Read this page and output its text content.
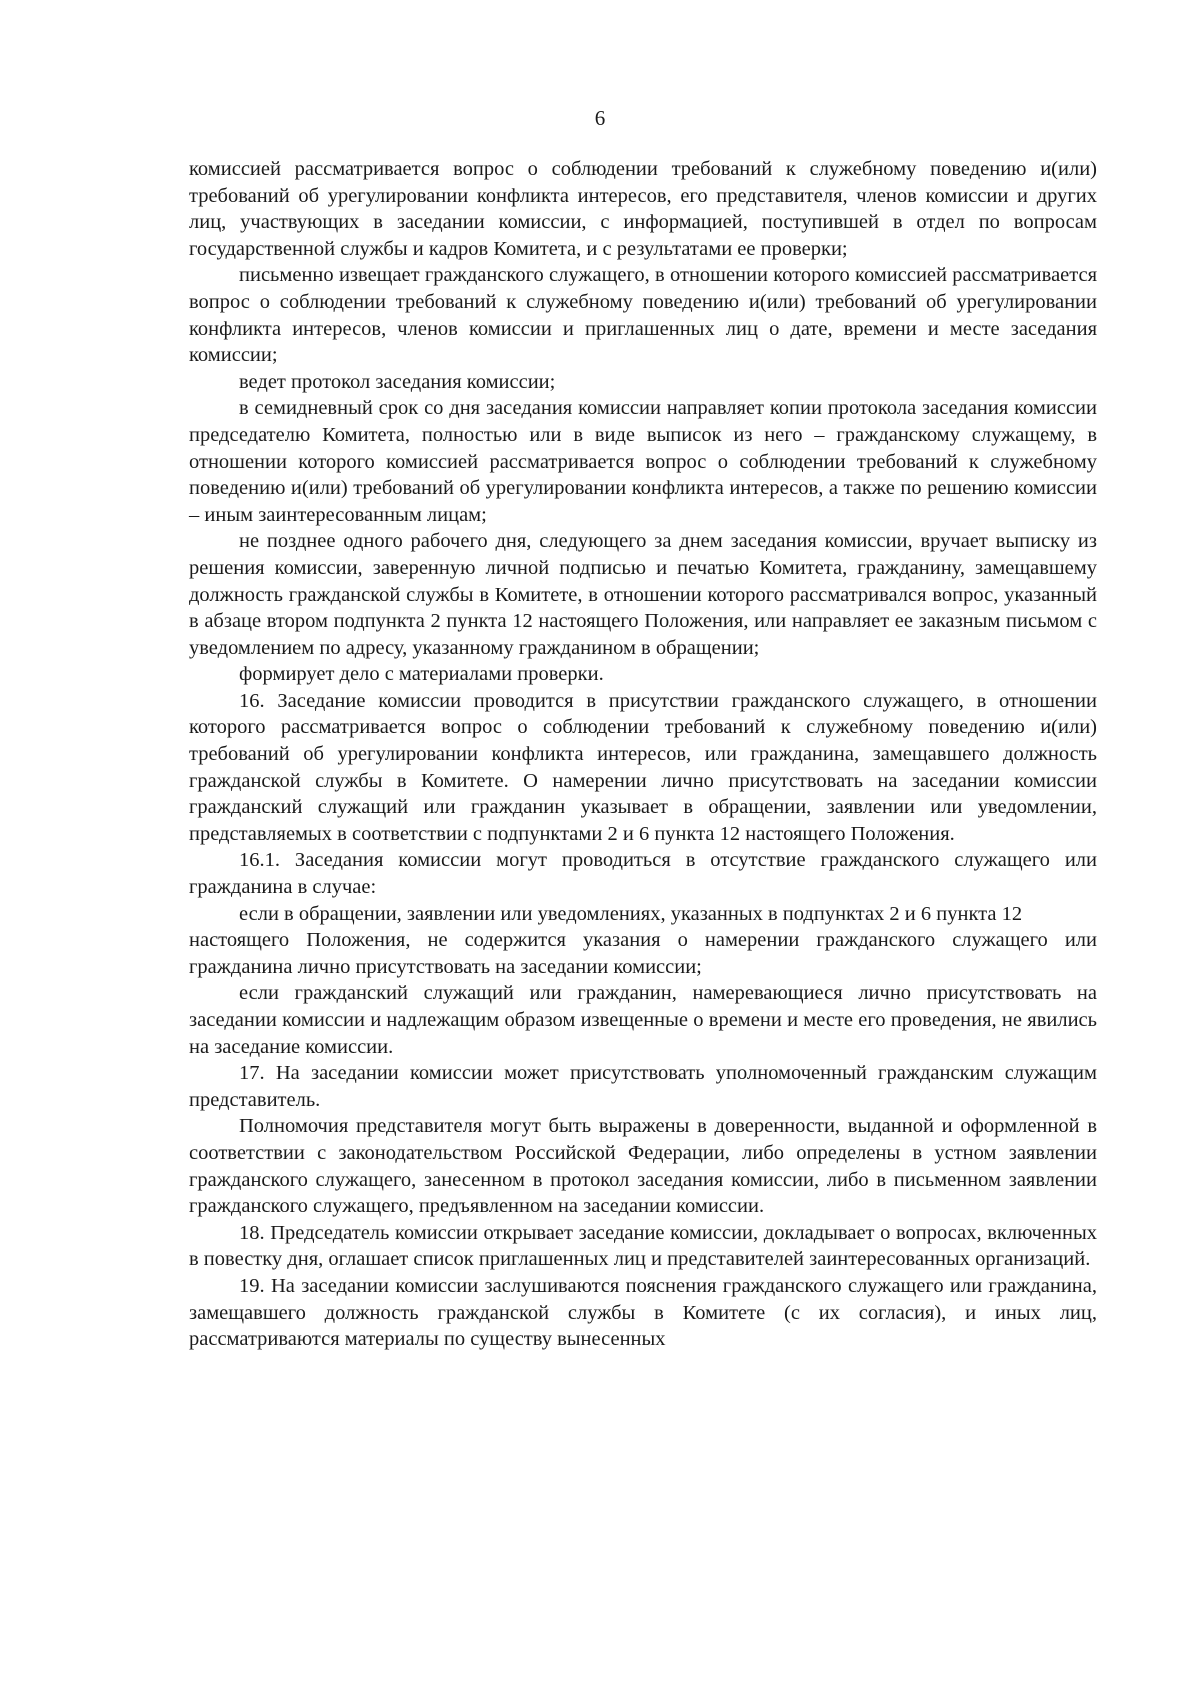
6

комиссией рассматривается вопрос о соблюдении требований к служебному поведению и(или) требований об урегулировании конфликта интересов, его представителя, членов комиссии и других лиц, участвующих в заседании комиссии, с информацией, поступившей в отдел по вопросам государственной службы и кадров Комитета, и с результатами ее проверки;

письменно извещает гражданского служащего, в отношении которого комиссией рассматривается вопрос о соблюдении требований к служебному поведению и(или) требований об урегулировании конфликта интересов, членов комиссии и приглашенных лиц о дате, времени и месте заседания комиссии;

ведет протокол заседания комиссии;

в семидневный срок со дня заседания комиссии направляет копии протокола заседания комиссии председателю Комитета, полностью или в виде выписок из него – гражданскому служащему, в отношении которого комиссией рассматривается вопрос о соблюдении требований к служебному поведению и(или) требований об урегулировании конфликта интересов, а также по решению комиссии – иным заинтересованным лицам;

не позднее одного рабочего дня, следующего за днем заседания комиссии, вручает выписку из решения комиссии, заверенную личной подписью и печатью Комитета, гражданину, замещавшему должность гражданской службы в Комитете, в отношении которого рассматривался вопрос, указанный в абзаце втором подпункта 2 пункта 12 настоящего Положения, или направляет ее заказным письмом с уведомлением по адресу, указанному гражданином в обращении;

формирует дело с материалами проверки.

16. Заседание комиссии проводится в присутствии гражданского служащего, в отношении которого рассматривается вопрос о соблюдении требований к служебному поведению и(или) требований об урегулировании конфликта интересов, или гражданина, замещавшего должность гражданской службы в Комитете. О намерении лично присутствовать на заседании комиссии гражданский служащий или гражданин указывает в обращении, заявлении или уведомлении, представляемых в соответствии с подпунктами 2 и 6 пункта 12 настоящего Положения.

16.1. Заседания комиссии могут проводиться в отсутствие гражданского служащего или гражданина в случае:

если в обращении, заявлении или уведомлениях, указанных в подпунктах 2 и 6 пункта 12

настоящего Положения, не содержится указания о намерении гражданского служащего или гражданина лично присутствовать на заседании комиссии;

если гражданский служащий или гражданин, намеревающиеся лично присутствовать на заседании комиссии и надлежащим образом извещенные о времени и месте его проведения, не явились на заседание комиссии.

17. На заседании комиссии может присутствовать уполномоченный гражданским служащим представитель.

Полномочия представителя могут быть выражены в доверенности, выданной и оформленной в соответствии с законодательством Российской Федерации, либо определены в устном заявлении гражданского служащего, занесенном в протокол заседания комиссии, либо в письменном заявлении гражданского служащего, предъявленном на заседании комиссии.

18. Председатель комиссии открывает заседание комиссии, докладывает о вопросах, включенных в повестку дня, оглашает список приглашенных лиц и представителей заинтересованных организаций.

19. На заседании комиссии заслушиваются пояснения гражданского служащего или гражданина, замещавшего должность гражданской службы в Комитете (с их согласия), и иных лиц, рассматриваются материалы по существу вынесенных
